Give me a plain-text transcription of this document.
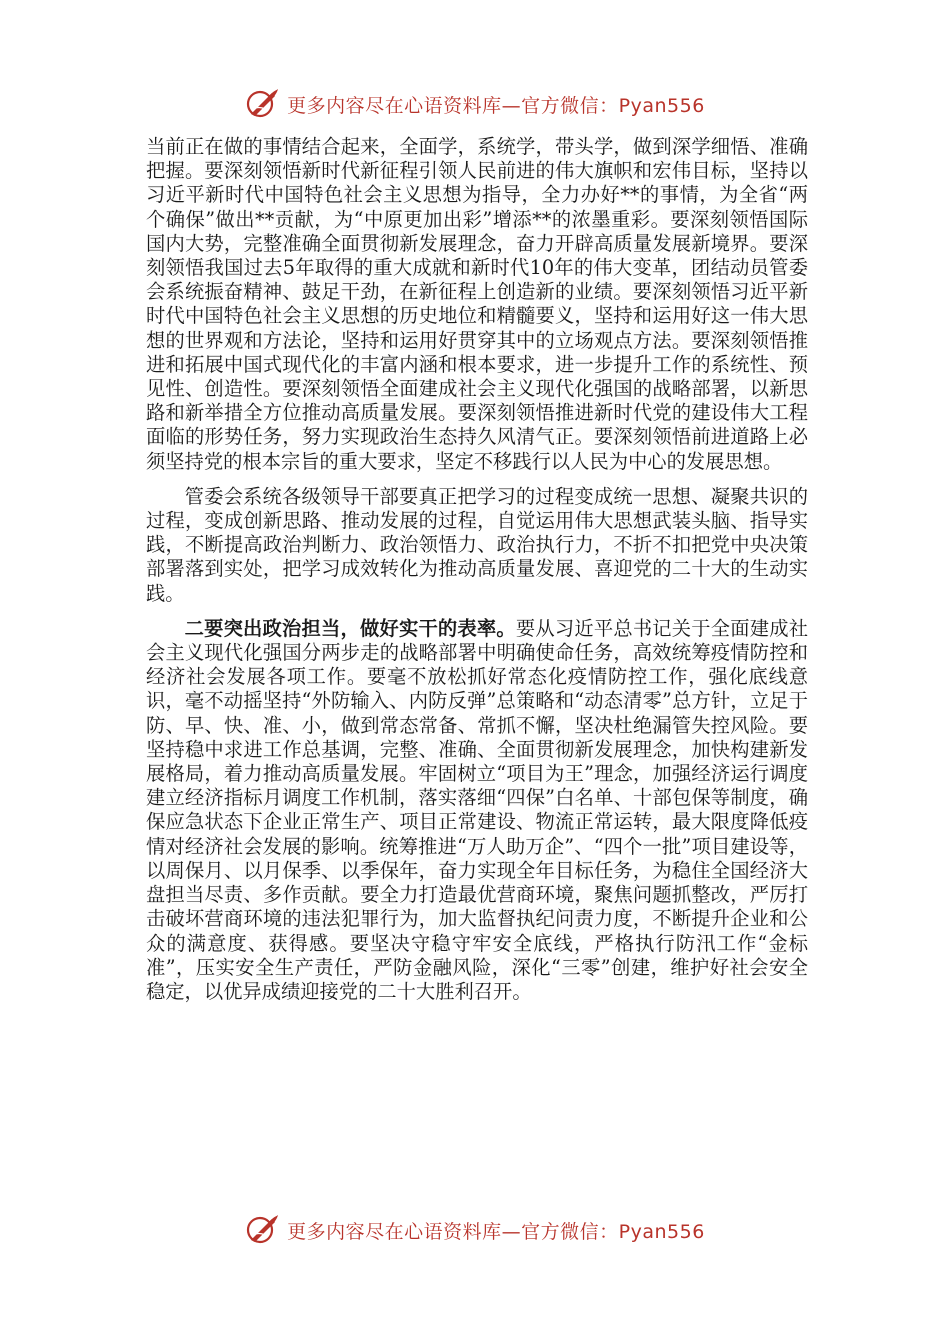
更多内容尽在心语资料库—官方微信：Pyan556

当前正在做的事情结合起来，全面学，系统学，带头学，做到深学细悟、准确把握。要深刻领悟新时代新征程引领人民前进的伟大旗帜和宏伟目标，坚持以习近平新时代中国特色社会主义思想为指导，全力办好**的事情，为全省“两个确保”做出**贡献，为“中原更加出彩”增添**的浓墨重彩。要深刻领悟国际国内大势，完整准确全面贯彻新发展理念，奋力开辟高质量发展新境界。要深刻领悟我国过去5年取得的重大成就和新时代10年的伟大变革，团结动员管委会系统振奋精神、鼓足干劲，在新征程上创造新的业绩。要深刻领悟习近平新时代中国特色社会主义思想的历史地位和精髓要义，坚持和运用好这一伟大思想的世界观和方法论，坚持和运用好贯穿其中的立场观点方法。要深刻领悟推进和拓展中国式现代化的丰富内涵和根本要求，进一步提升工作的系统性、预见性、创造性。要深刻领悟全面建成社会主义现代化强国的战略部署，以新思路和新举措全方位推动高质量发展。要深刻领悟推进新时代党的建设伟大工程面临的形势任务，努力实现政治生态持久风清气正。要深刻领悟前进道路上必须坚持党的根本宗旨的重大要求，坚定不移践行以人民为中心的发展思想。

管委会系统各级领导干部要真正把学习的过程变成统一思想、凝聚共识的过程，变成创新思路、推动发展的过程，自觉运用伟大思想武装头脑、指导实践，不断提高政治判断力、政治领悟力、政治执行力，不折不扣把党中央决策部署落到实处，把学习成效转化为推动高质量发展、喜迎党的二十大的生动实践。

二要突出政治担当，做好实干的表率。要从习近平总书记关于全面建成社会主义现代化强国分两步走的战略部署中明确使命任务，高效统筹疫情防控和经济社会发展各项工作。要毫不放松抓好常态化疫情防控工作，强化底线意识，毫不动摇坚持“外防输入、内防反弹”总策略和“动态清零”总方针，立足于防、早、快、准、小，做到常态常备、常抓不懈，坚决杜绝漏管失控风险。要坚持稳中求进工作总基调，完整、准确、全面贯彻新发展理念，加快构建新发展格局，着力推动高质量发展。牢固树立“项目为王”理念，加强经济运行调度建立经济指标月调度工作机制，落实落细“四保”白名单、十部包保等制度，确保应急状态下企业正常生产、项目正常建设、物流正常运转，最大限度降低疫情对经济社会发展的影响。统筹推进“万人助万企”、“四个一批”项目建设等，以周保月、以月保季、以季保年，奋力实现全年目标任务，为稳住全国经济大盘担当尽责、多作贡献。要全力打造最优营商环境，聚焦问题抓整改，严厉打击破坏营商环境的违法犯罪行为，加大监督执纪问责力度，不断提升企业和公众的满意度、获得感。要坚决守稳守牢安全底线，严格执行防汛工作“金标准”，压实安全生产责任，严防金融风险，深化“三零”创建，维护好社会安全稳定，以优异成绩迎接党的二十大胜利召开。

更多内容尽在心语资料库—官方微信：Pyan556
